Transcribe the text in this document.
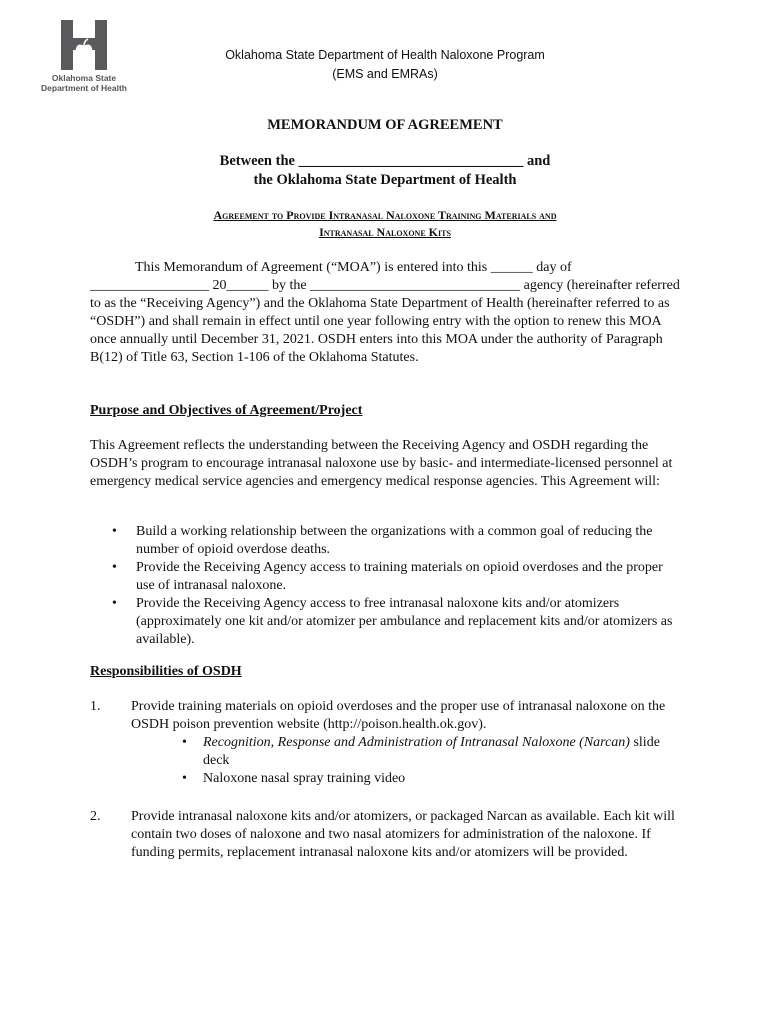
Oklahoma State
Department of Health
Oklahoma State Department of Health Naloxone Program
(EMS and EMRAs)
MEMORANDUM OF AGREEMENT
Between the _______________________________ and
the Oklahoma State Department of Health
Agreement to Provide Intranasal Naloxone Training Materials and
Intranasal Naloxone Kits
This Memorandum of Agreement (“MOA”) is entered into this ______ day of _________________ 20______ by the ______________________________ agency (hereinafter referred to as the “Receiving Agency”) and the Oklahoma State Department of Health (hereinafter referred to as “OSDH”) and shall remain in effect until one year following entry with the option to renew this MOA once annually until December 31, 2021. OSDH enters into this MOA under the authority of Paragraph B(12) of Title 63, Section 1-106 of the Oklahoma Statutes.
Purpose and Objectives of Agreement/Project
This Agreement reflects the understanding between the Receiving Agency and OSDH regarding the OSDH’s program to encourage intranasal naloxone use by basic- and intermediate-licensed personnel at emergency medical service agencies and emergency medical response agencies. This Agreement will:
• Build a working relationship between the organizations with a common goal of reducing the number of opioid overdose deaths.
• Provide the Receiving Agency access to training materials on opioid overdoses and the proper use of intranasal naloxone.
• Provide the Receiving Agency access to free intranasal naloxone kits and/or atomizers (approximately one kit and/or atomizer per ambulance and replacement kits and/or atomizers as available).
Responsibilities of OSDH
1. Provide training materials on opioid overdoses and the proper use of intranasal naloxone on the OSDH poison prevention website (http://poison.health.ok.gov).
• Recognition, Response and Administration of Intranasal Naloxone (Narcan) slide deck
• Naloxone nasal spray training video
2. Provide intranasal naloxone kits and/or atomizers, or packaged Narcan as available. Each kit will contain two doses of naloxone and two nasal atomizers for administration of the naloxone. If funding permits, replacement intranasal naloxone kits and/or atomizers will be provided.
